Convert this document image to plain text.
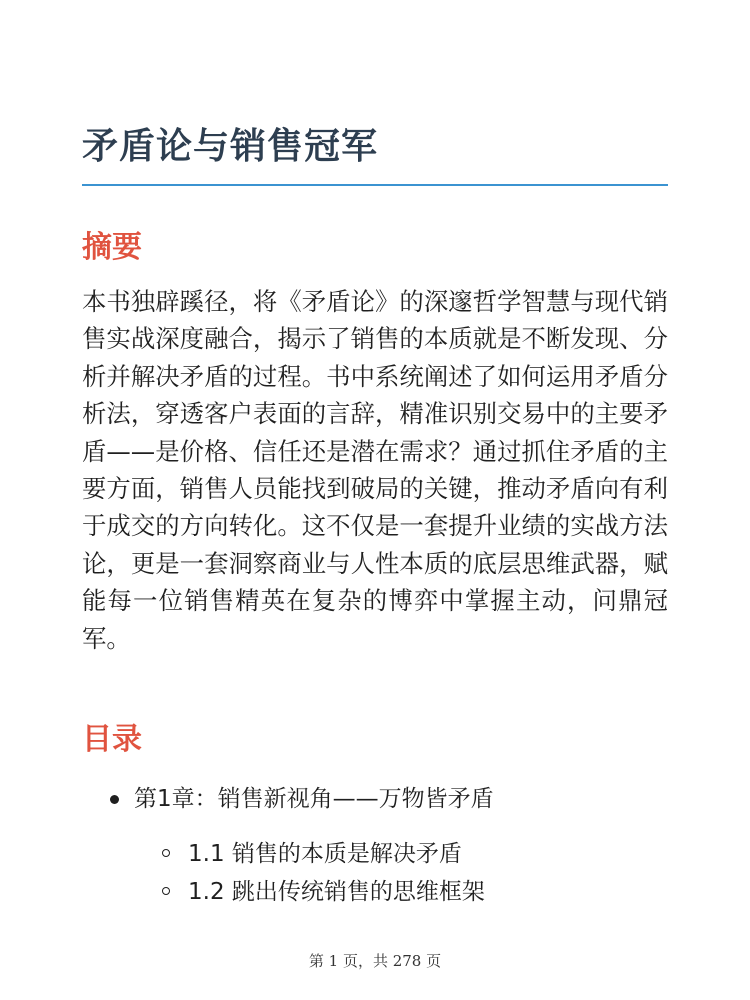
矛盾论与销售冠军
摘要

本书独辟蹊径，将《矛盾论》的深邃哲学智慧与现代销售实战深度融合，揭示了销售的本质就是不断发现、分析并解决矛盾的过程。书中系统阐述了如何运用矛盾分析法，穿透客户表面的言辞，精准识别交易中的主要矛盾——是价格、信任还是潜在需求？通过抓住矛盾的主要方面，销售人员能找到破局的关键，推动矛盾向有利于成交的方向转化。这不仅是一套提升业绩的实战方法论，更是一套洞察商业与人性本质的底层思维武器，赋能每一位销售精英在复杂的博弈中掌握主动，问鼎冠军。

目录
第1章：销售新视角——万物皆矛盾
1.1 销售的本质是解决矛盾
1.2 跳出传统销售的思维框架
第 1 页，共 278 页
